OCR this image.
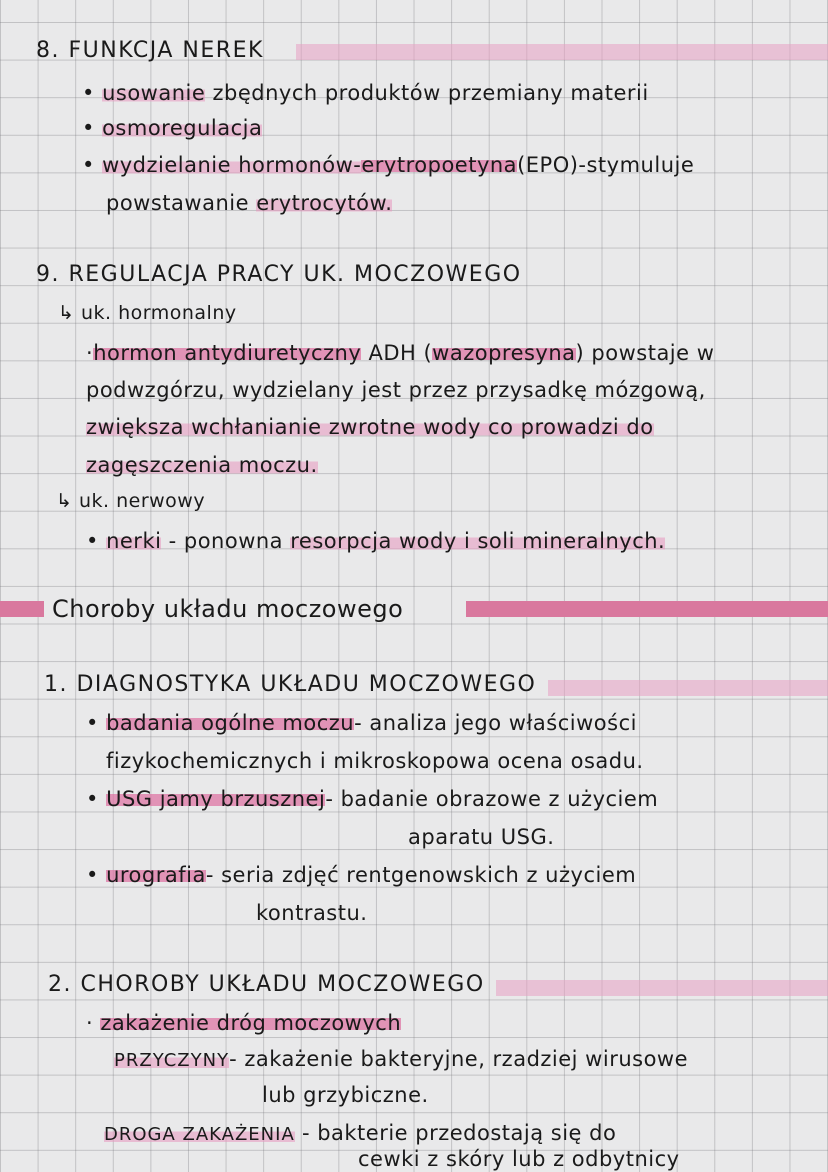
8. FUNKCJA NEREK
• usowanie zbędnych produktów przemiany materii
• osmoregulacja
• wydzielanie hormonów-erytropoetyna(EPO)-stymuluje
powstawanie erytrocytów.
9. REGULACJA PRACY UK. MOCZOWEGO
↳ uk. hormonalny
·hormon antydiuretyczny ADH (wazopresyna) powstaje w
podwzgórzu, wydzielany jest przez przysadkę mózgową,
zwiększa wchłanianie zwrotne wody co prowadzi do
zagęszczenia moczu.
↳ uk. nerwowy
• nerki - ponowna resorpcja wody i soli mineralnych.
Choroby układu moczowego
1. DIAGNOSTYKA UKŁADU MOCZOWEGO
• badania ogólne moczu- analiza jego właściwości
fizykochemicznych i mikroskopowa ocena osadu.
• USG jamy brzusznej- badanie obrazowe z użyciem
aparatu USG.
• urografia- seria zdjęć rentgenowskich z użyciem
kontrastu.
2. CHOROBY UKŁADU MOCZOWEGO
· zakażenie dróg moczowych
PRZYCZYNY- zakażenie bakteryjne, rzadziej wirusowe
lub grzybiczne.
DROGA ZAKAŻENIA - bakterie przedostają się do
cewki z skóry lub z odbytnicy
